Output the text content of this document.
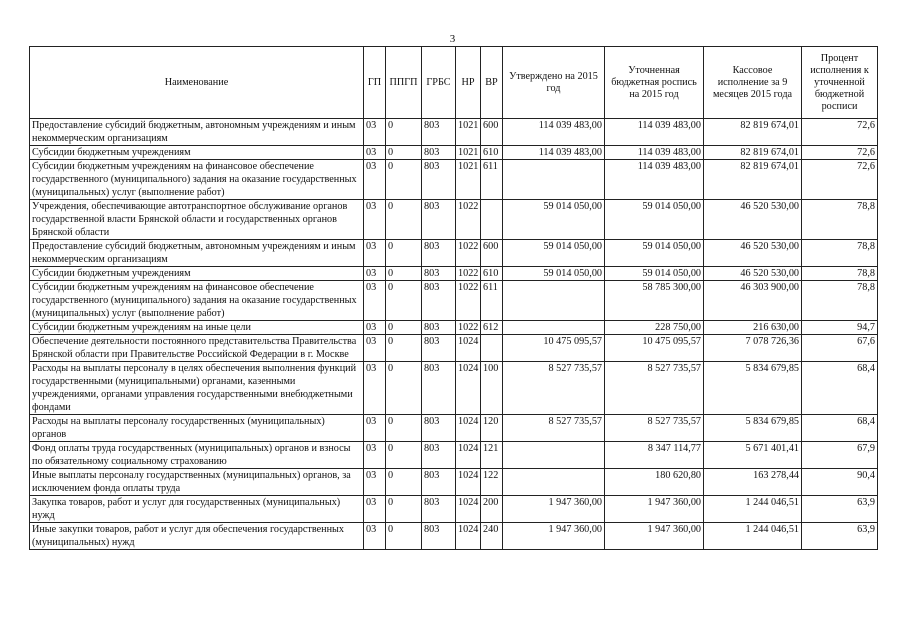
3
Наименование	ГП	ППГП	ГРБС	НР	ВР	Утверждено на 2015 год	Уточненная бюджетная роспись на 2015 год	Кассовое исполнение за 9 месяцев 2015 года	Процент исполнения к уточненной бюджетной росписи
Предоставление субсидий бюджетным, автономным учреждениям и иным некоммерческим организациям	03	0	803	1021	600	114 039 483,00	114 039 483,00	82 819 674,01	72,6
Субсидии бюджетным учреждениям	03	0	803	1021	610	114 039 483,00	114 039 483,00	82 819 674,01	72,6
Субсидии бюджетным учреждениям на финансовое обеспечение государственного (муниципального) задания на оказание государственных (муниципальных) услуг (выполнение работ)	03	0	803	1021	611		114 039 483,00	82 819 674,01	72,6
Учреждения, обеспечивающие автотранспортное обслуживание органов государственной власти Брянской области и государственных органов Брянской области	03	0	803	1022		59 014 050,00	59 014 050,00	46 520 530,00	78,8
Предоставление субсидий бюджетным, автономным учреждениям и иным некоммерческим организациям	03	0	803	1022	600	59 014 050,00	59 014 050,00	46 520 530,00	78,8
Субсидии бюджетным учреждениям	03	0	803	1022	610	59 014 050,00	59 014 050,00	46 520 530,00	78,8
Субсидии бюджетным учреждениям на финансовое обеспечение государственного (муниципального) задания на оказание государственных (муниципальных) услуг (выполнение работ)	03	0	803	1022	611		58 785 300,00	46 303 900,00	78,8
Субсидии бюджетным учреждениям на иные цели	03	0	803	1022	612		228 750,00	216 630,00	94,7
Обеспечение деятельности постоянного представительства Правительства Брянской области при Правительстве Российской Федерации в г. Москве	03	0	803	1024		10 475 095,57	10 475 095,57	7 078 726,36	67,6
Расходы на выплаты персоналу в целях обеспечения выполнения функций государственными (муниципальными) органами, казенными учреждениями, органами управления государственными внебюджетными фондами	03	0	803	1024	100	8 527 735,57	8 527 735,57	5 834 679,85	68,4
Расходы на выплаты персоналу государственных (муниципальных) органов	03	0	803	1024	120	8 527 735,57	8 527 735,57	5 834 679,85	68,4
Фонд оплаты труда государственных (муниципальных) органов и взносы по обязательному социальному страхованию	03	0	803	1024	121		8 347 114,77	5 671 401,41	67,9
Иные выплаты персоналу государственных (муниципальных) органов, за исключением фонда оплаты труда	03	0	803	1024	122		180 620,80	163 278,44	90,4
Закупка товаров, работ и услуг для государственных (муниципальных) нужд	03	0	803	1024	200	1 947 360,00	1 947 360,00	1 244 046,51	63,9
Иные закупки товаров, работ и услуг для обеспечения государственных (муниципальных) нужд	03	0	803	1024	240	1 947 360,00	1 947 360,00	1 244 046,51	63,9
